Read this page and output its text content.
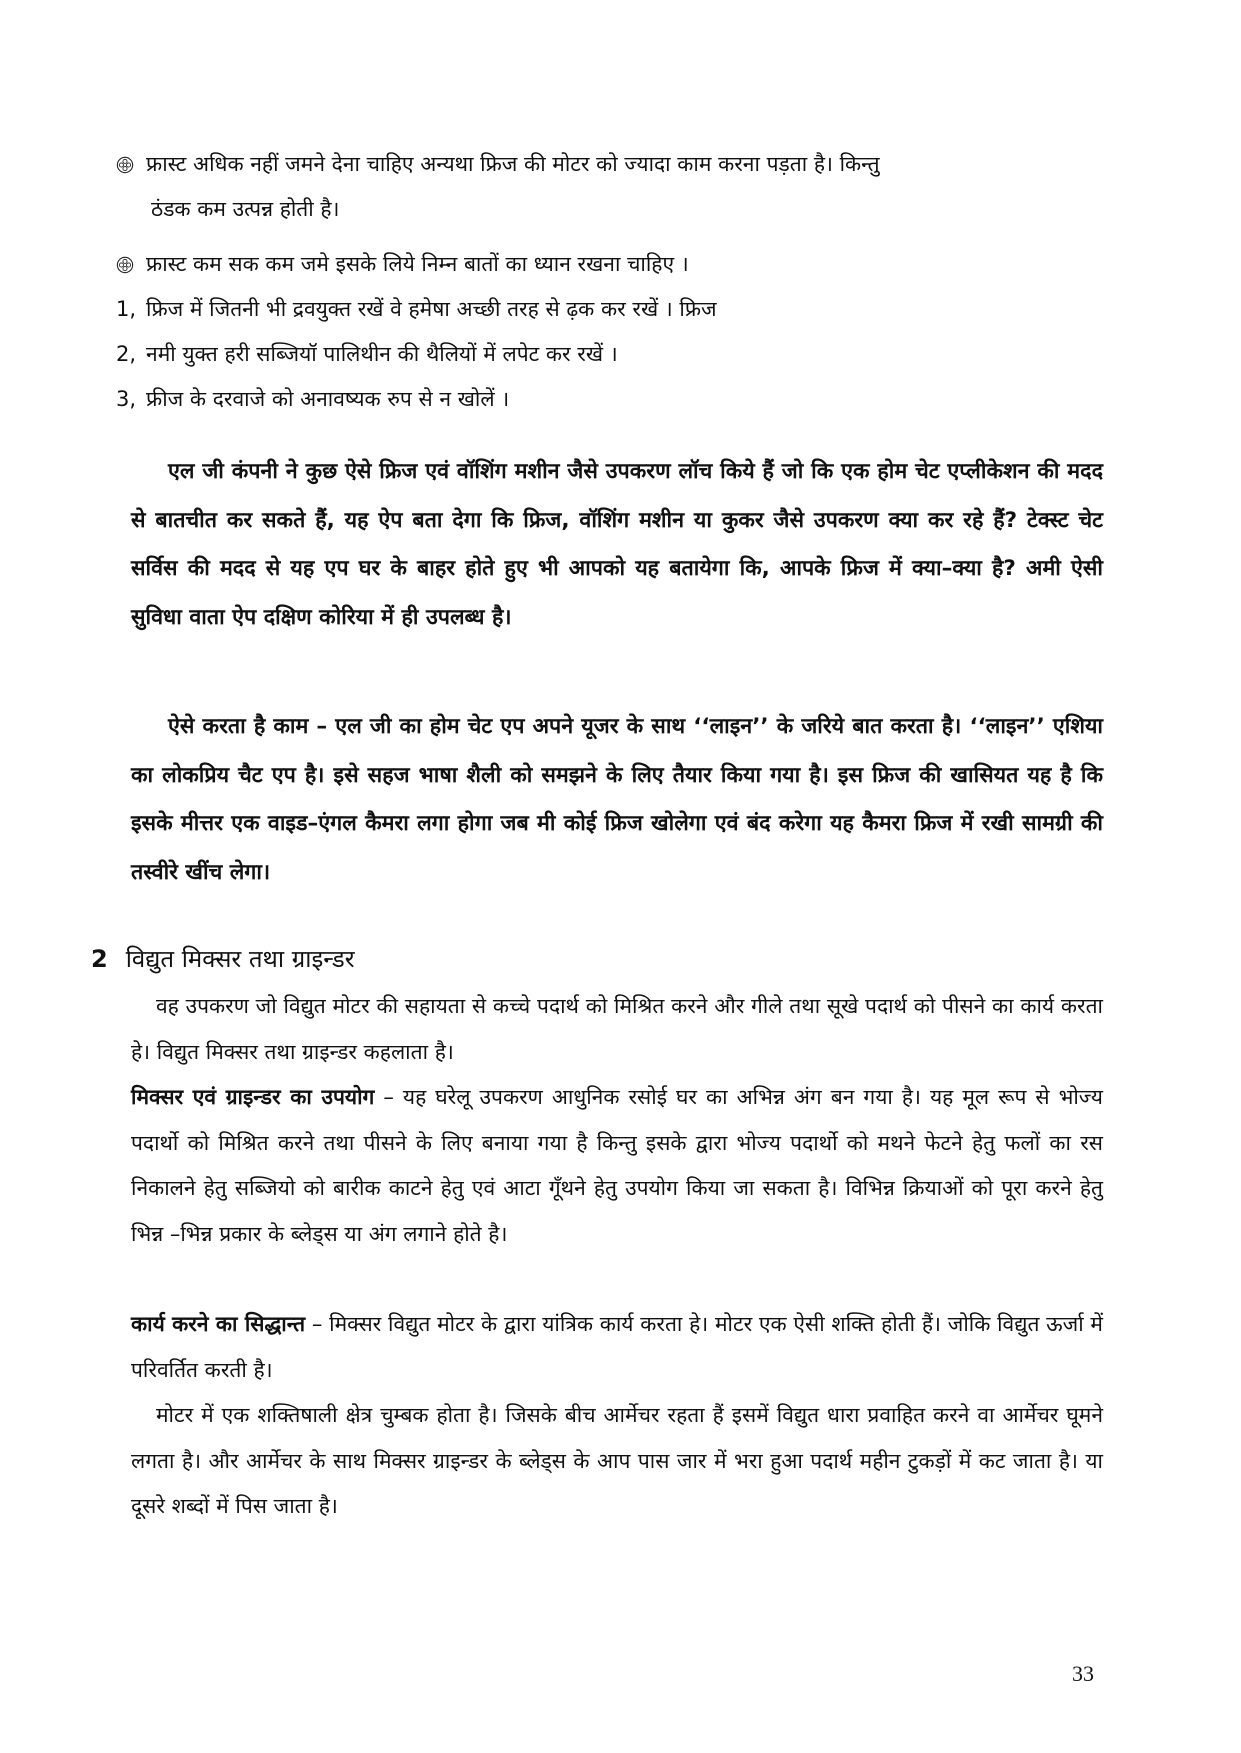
फ्रास्ट अधिक नहीं जमने देना चाहिए अन्यथा फ्रिज की मोटर को ज्यादा काम करना पड़ता है। किन्तु
ठंडक कम उत्पन्न होती है।
फ्रास्ट कम सक कम जमे इसके लिये निम्न बातों का ध्यान रखना चाहिए ।
1, फ्रिज में जितनी भी द्रवयुक्त रखें वे हमेषा अच्छी तरह से ढ़क कर रखें । फ्रिज
2, नमी युक्त हरी सब्जियॉ पालिथीन की थैलियों में लपेट कर रखें ।
3, फ्रीज के दरवाजे को अनावष्यक रुप से न खोलें ।
एल जी कंपनी ने कुछ ऐसे फ्रिज एवं वॉशिंग मशीन जैसे उपकरण लॉच किये हैं जो कि एक होम चेट एप्लीकेशन की मदद से बातचीत कर सकते हैं, यह ऐप बता देगा कि फ्रिज, वॉशिंग मशीन या कुकर जैसे उपकरण क्या कर रहे हैं? टेक्स्ट चेट सर्विस की मदद से यह एप घर के बाहर होते हुए भी आपको यह बतायेगा कि, आपके फ्रिज में क्या–क्या है? अमी ऐसी सुविधा वाता ऐप दक्षिण कोरिया में ही उपलब्ध है।
ऐसे करता है काम – एल जी का होम चेट एप अपने यूजर के साथ ‘‘लाइन’’ के जरिये बात करता है। ‘‘लाइन’’ एशिया का लोकप्रिय चैट एप है। इसे सहज भाषा शैली को समझने के लिए तैयार किया गया है। इस फ्रिज की खासियत यह है कि इसके मीत्तर एक वाइड–एंगल कैमरा लगा होगा जब मी कोई फ्रिज खोलेगा एवं बंद करेगा यह कैमरा फ्रिज में रखी सामग्री की तस्वीरे खींच लेगा।
2 विद्युत मिक्सर तथा ग्राइन्डर
वह उपकरण जो विद्युत मोटर की सहायता से कच्चे पदार्थ को मिश्रित करने और गीले तथा सूखे पदार्थ को पीसने का कार्य करता हे। विद्युत मिक्सर तथा ग्राइन्डर कहलाता है।
मिक्सर एवं ग्राइन्डर का उपयोग – यह घरेलू उपकरण आधुनिक रसोई घर का अभिन्न अंग बन गया है। यह मूल रूप से भोज्य पदार्थो को मिश्रित करने तथा पीसने के लिए बनाया गया है किन्तु इसके द्वारा भोज्य पदार्थो को मथने फेटने हेतु फलों का रस निकालने हेतु सब्जियो को बारीक काटने हेतु एवं आटा गूँथने हेतु उपयोग किया जा सकता है। विभिन्न क्रियाओं को पूरा करने हेतु भिन्न –भिन्न प्रकार के ब्लेड्स या अंग लगाने होते है।
कार्य करने का सिद्धान्त – मिक्सर विद्युत मोटर के द्वारा यांत्रिक कार्य करता हे। मोटर एक ऐसी शक्ति होती हैं। जोकि विद्युत ऊर्जा में परिवर्तित करती है।
मोटर में एक शक्तिषाली क्षेत्र चुम्बक होता है। जिसके बीच आर्मेचर रहता हैं इसमें विद्युत धारा प्रवाहित करने वा आर्मेचर घूमने लगता है। और आर्मेचर के साथ मिक्सर ग्राइन्डर के ब्लेड्स के आप पास जार में भरा हुआ पदार्थ महीन टुकड़ों में कट जाता है। या दूसरे शब्दों में पिस जाता है।
33
